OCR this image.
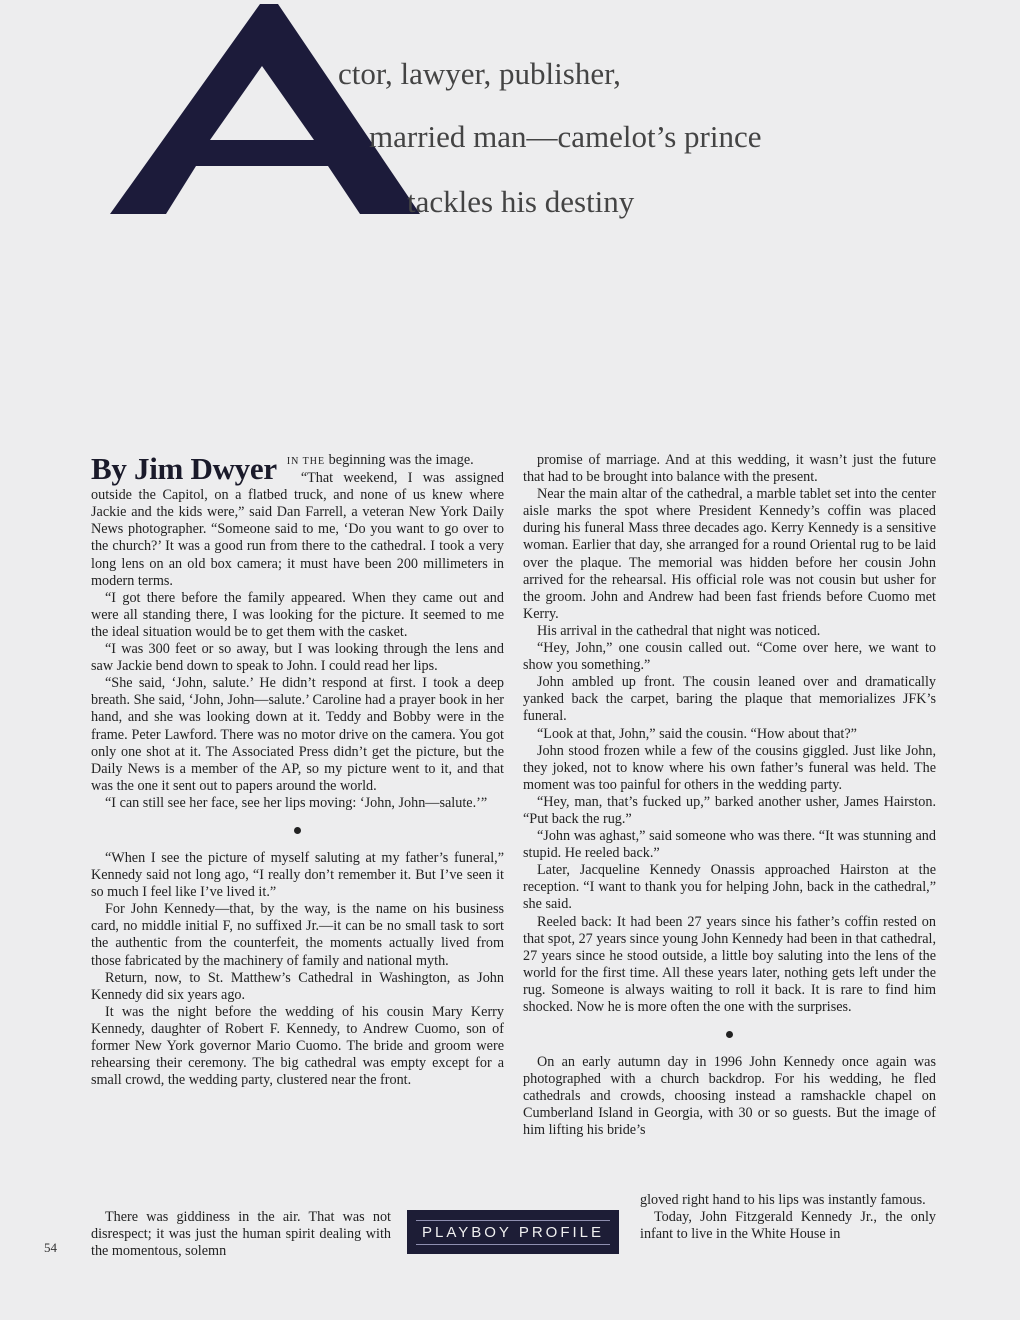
ctor, lawyer, publisher,
married man—camelot’s prince
tackles his destiny
By Jim Dwyer	IN THE beginning was the image.

“That weekend, I was assigned outside the Capitol, on a flatbed truck, and none of us knew where Jackie and the kids were,” said Dan Farrell, a veteran New York Daily News photographer. “Someone said to me, ‘Do you want to go over to the church?’ It was a good run from there to the cathedral. I took a very long lens on an old box camera; it must have been 200 millimeters in modern terms.

“I got there before the family appeared. When they came out and were all standing there, I was looking for the picture. It seemed to me the ideal situation would be to get them with the casket.

“I was 300 feet or so away, but I was looking through the lens and saw Jackie bend down to speak to John. I could read her lips.

“She said, ‘John, salute.’ He didn’t respond at first. I took a deep breath. She said, ‘John, John—salute.’ Caroline had a prayer book in her hand, and she was looking down at it. Teddy and Bobby were in the frame. Peter Lawford. There was no motor drive on the camera. You got only one shot at it. The Associated Press didn’t get the picture, but the Daily News is a member of the AP, so my picture went to it, and that was the one it sent out to papers around the world.

“I can still see her face, see her lips moving: ‘John, John—salute.’”

“When I see the picture of myself saluting at my father’s funeral,” Kennedy said not long ago, “I really don’t remember it. But I’ve seen it so much I feel like I’ve lived it.”

For John Kennedy—that, by the way, is the name on his business card, no middle initial F, no suffixed Jr.—it can be no small task to sort the authentic from the counterfeit, the moments actually lived from those fabricated by the machinery of family and national myth.

Return, now, to St. Matthew’s Cathedral in Washington, as John Kennedy did six years ago.

It was the night before the wedding of his cousin Mary Kerry Kennedy, daughter of Robert F. Kennedy, to Andrew Cuomo, son of former New York governor Mario Cuomo. The bride and groom were rehearsing their ceremony. The big cathedral was empty except for a small crowd, the wedding party, clustered near the front.

There was giddiness in the air. That was not disrespect; it was just the human spirit dealing with the momentous, solemn

promise of marriage. And at this wedding, it wasn’t just the future that had to be brought into balance with the present.

Near the main altar of the cathedral, a marble tablet set into the center aisle marks the spot where President Kennedy’s coffin was placed during his funeral Mass three decades ago. Kerry Kennedy is a sensitive woman. Earlier that day, she arranged for a round Oriental rug to be laid over the plaque. The memorial was hidden before her cousin John arrived for the rehearsal. His official role was not cousin but usher for the groom. John and Andrew had been fast friends before Cuomo met Kerry.

His arrival in the cathedral that night was noticed.

“Hey, John,” one cousin called out. “Come over here, we want to show you something.”

John ambled up front. The cousin leaned over and dramatically yanked back the carpet, baring the plaque that memorializes JFK’s funeral.

“Look at that, John,” said the cousin. “How about that?”

John stood frozen while a few of the cousins giggled. Just like John, they joked, not to know where his own father’s funeral was held. The moment was too painful for others in the wedding party.

“Hey, man, that’s fucked up,” barked another usher, James Hairston. “Put back the rug.”

“John was aghast,” said someone who was there. “It was stunning and stupid. He reeled back.”

Later, Jacqueline Kennedy Onassis approached Hairston at the reception. “I want to thank you for helping John, back in the cathedral,” she said.

Reeled back: It had been 27 years since his father’s coffin rested on that spot, 27 years since young John Kennedy had been in that cathedral, 27 years since he stood outside, a little boy saluting into the lens of the world for the first time. All these years later, nothing gets left under the rug. Someone is always waiting to roll it back. It is rare to find him shocked. Now he is more often the one with the surprises.

On an early autumn day in 1996 John Kennedy once again was photographed with a church backdrop. For his wedding, he fled cathedrals and crowds, choosing instead a ramshackle chapel on Cumberland Island in Georgia, with 30 or so guests. But the image of him lifting his bride’s

gloved right hand to his lips was instantly famous.

Today, John Fitzgerald Kennedy Jr., the only infant to live in the White House in

PLAYBOY PROFILE
54
